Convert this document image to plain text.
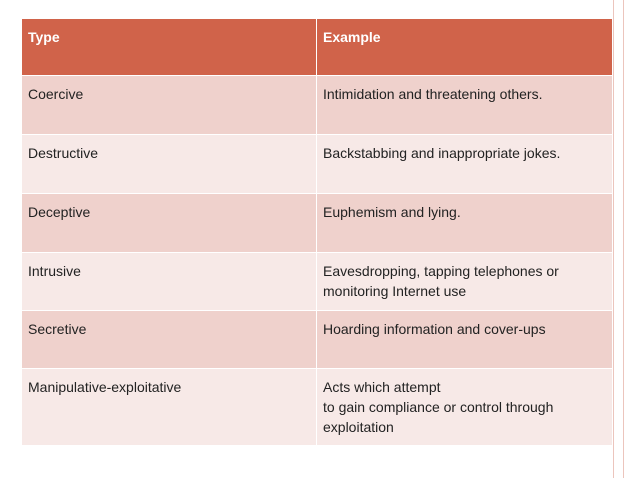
Type	Example
Coercive	Intimidation and threatening others.
Destructive	Backstabbing and inappropriate jokes.
Deceptive	Euphemism and lying.
Intrusive	Eavesdropping, tapping telephones or
monitoring Internet use
Secretive	Hoarding information and cover-ups
Manipulative-exploitative	Acts which attempt
to gain compliance or control through
exploitation
